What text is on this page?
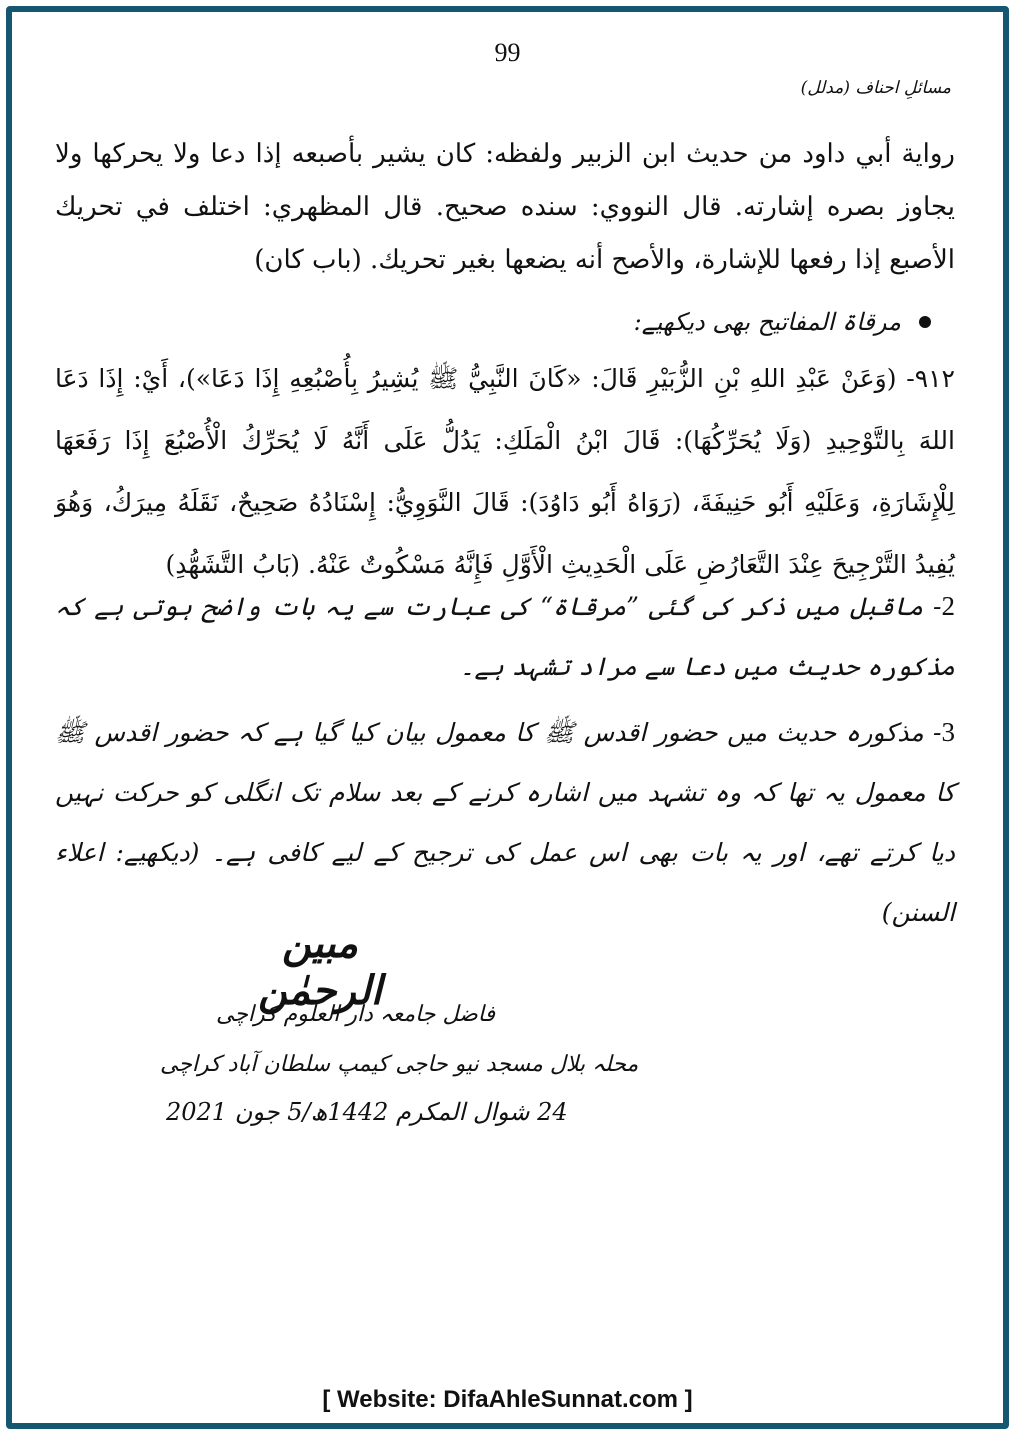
99
مسائلِ احناف (مدلل)
رواية أبي داود من حديث ابن الزبير ولفظه: كان يشير بأصبعه إذا دعا ولا يحركها ولا يجاوز بصره إشارته. قال النووي: سنده صحيح. قال المظهري: اختلف في تحريك الأصبع إذا رفعها للإشارة، والأصح أنه يضعها بغير تحريك. (باب كان)
مرقاۃ المفاتیح بھی دیکھیے:
٩١٢- (وَعَنْ عَبْدِ اللهِ بْنِ الزُّبَيْرِ قَالَ: «كَانَ النَّبِيُّ ﷺ يُشِيرُ بِأُصْبُعِهِ إِذَا دَعَا»)، أَيْ: إِذَا دَعَا اللهَ بِالتَّوْحِيدِ (وَلَا يُحَرِّكُهَا): قَالَ ابْنُ الْمَلَكِ: يَدُلُّ عَلَى أَنَّهُ لَا يُحَرِّكُ الْأُصْبُعَ إِذَا رَفَعَهَا لِلْإِشَارَةِ، وَعَلَيْهِ أَبُو حَنِيفَةَ، (رَوَاهُ أَبُو دَاوُدَ): قَالَ النَّوَوِيُّ: إِسْنَادُهُ صَحِيحٌ، نَقَلَهُ مِيرَكُ، وَهُوَ يُفِيدُ التَّرْجِيحَ عِنْدَ التَّعَارُضِ عَلَى الْحَدِيثِ الْأَوَّلِ فَإِنَّهُ مَسْكُوتٌ عَنْهُ. (بَابُ التَّشَهُّدِ)
2- ماقبل میں ذکر کی گئی ”مرقاۃ“ کی عبارت سے یہ بات واضح ہوتی ہے کہ مذکورہ حدیث میں دعا سے مراد تشہد ہے۔
3- مذکورہ حدیث میں حضور اقدس ﷺ کا معمول بیان کیا گیا ہے کہ حضور اقدس ﷺ کا معمول یہ تھا کہ وہ تشہد میں اشارہ کرنے کے بعد سلام تک انگلی کو حرکت نہیں دیا کرتے تھے، اور یہ بات بھی اس عمل کی ترجیح کے لیے کافی ہے۔ (دیکھیے: اعلاء السنن)
مبین الرحمٰن
فاضل جامعہ دار العلوم کراچی
محلہ بلال مسجد نیو حاجی کیمپ سلطان آباد کراچی
24 شوال المکرم 1442ھ/5 جون 2021
[ Website: DifaAhleSunnat.com ]
